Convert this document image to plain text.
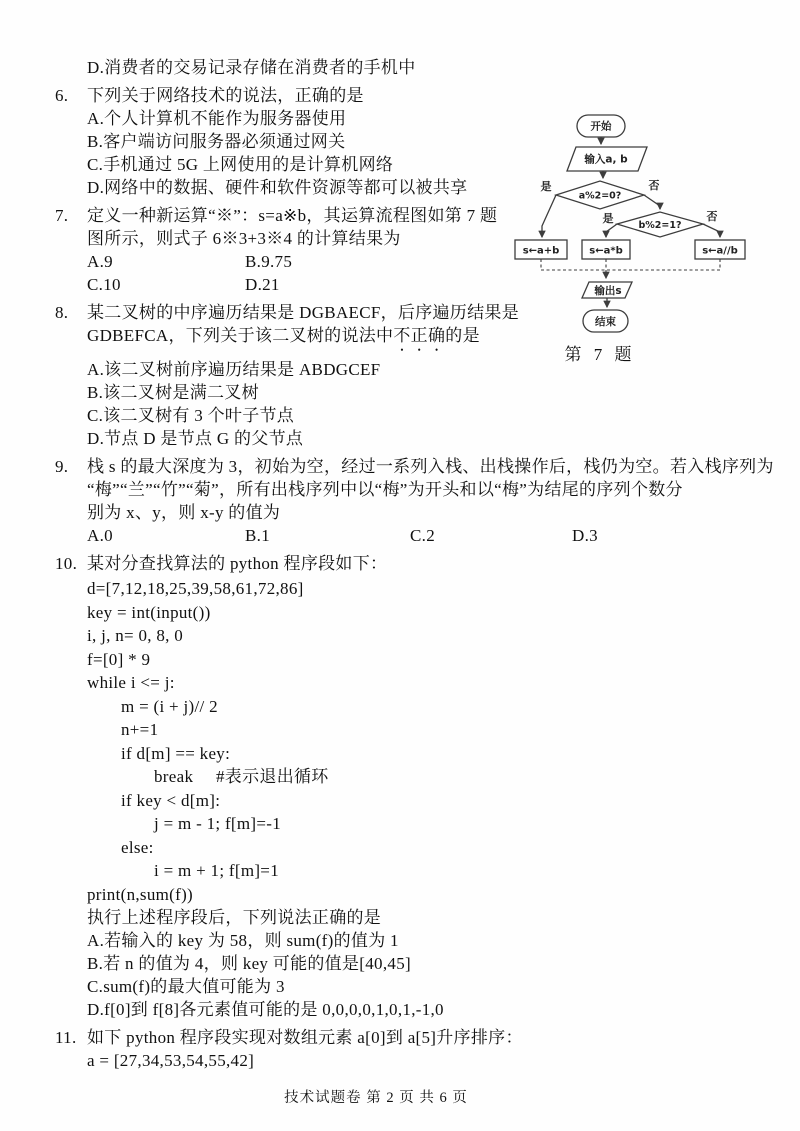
D.消费者的交易记录存储在消费者的手机中
6. 下列关于网络技术的说法，正确的是
A.个人计算机不能作为服务器使用
B.客户端访问服务器必须通过网关
C.手机通过 5G 上网使用的是计算机网络
D.网络中的数据、硬件和软件资源等都可以被共享
7. 定义一种新运算“※”：s=a※b，其运算流程图如第 7 题
图所示，则式子 6※3+3※4 的计算结果为
A.9	B.9.75
C.10	D.21
8. 某二叉树的中序遍历结果是 DGBAECF，后序遍历结果是
GDBEFCA，下列关于该二叉树的说法中不正确的是
A.该二叉树前序遍历结果是 ABDGCEF
B.该二叉树是满二叉树
C.该二叉树有 3 个叶子节点
D.节点 D 是节点 G 的父节点
9. 栈 s 的最大深度为 3，初始为空，经过一系列入栈、出栈操作后，栈仍为空。若入栈序列为
“梅”“兰”“竹”“菊”，所有出栈序列中以“梅”为开头和以“梅”为结尾的序列个数分
别为 x、y，则 x-y 的值为
A.0	B.1	C.2	D.3
10. 某对分查找算法的 python 程序段如下：
d=[7,12,18,25,39,58,61,72,86]
key = int(input())
i, j, n= 0, 8, 0
f=[0] * 9
while i <= j:
m = (i + j)// 2
n+=1
if d[m] == key:
break     #表示退出循环
if key < d[m]:
j = m - 1; f[m]=-1
else:
i = m + 1; f[m]=1
print(n,sum(f))
执行上述程序段后，下列说法正确的是
A.若输入的 key 为 58，则 sum(f)的值为 1
B.若 n 的值为 4，则 key 可能的值是[40,45]
C.sum(f)的最大值可能为 3
D.f[0]到 f[8]各元素值可能的是 0,0,0,0,1,0,1,-1,0
11. 如下 python 程序段实现对数组元素 a[0]到 a[5]升序排序：
a = [27,34,53,54,55,42]
开始
输入a, b
a%2=0?
b%2=1?
是	否
是	否
s←a+b	s←a*b	s←a//b
输出s
结束
第 7 题
技术试题卷 第 2 页 共 6 页
